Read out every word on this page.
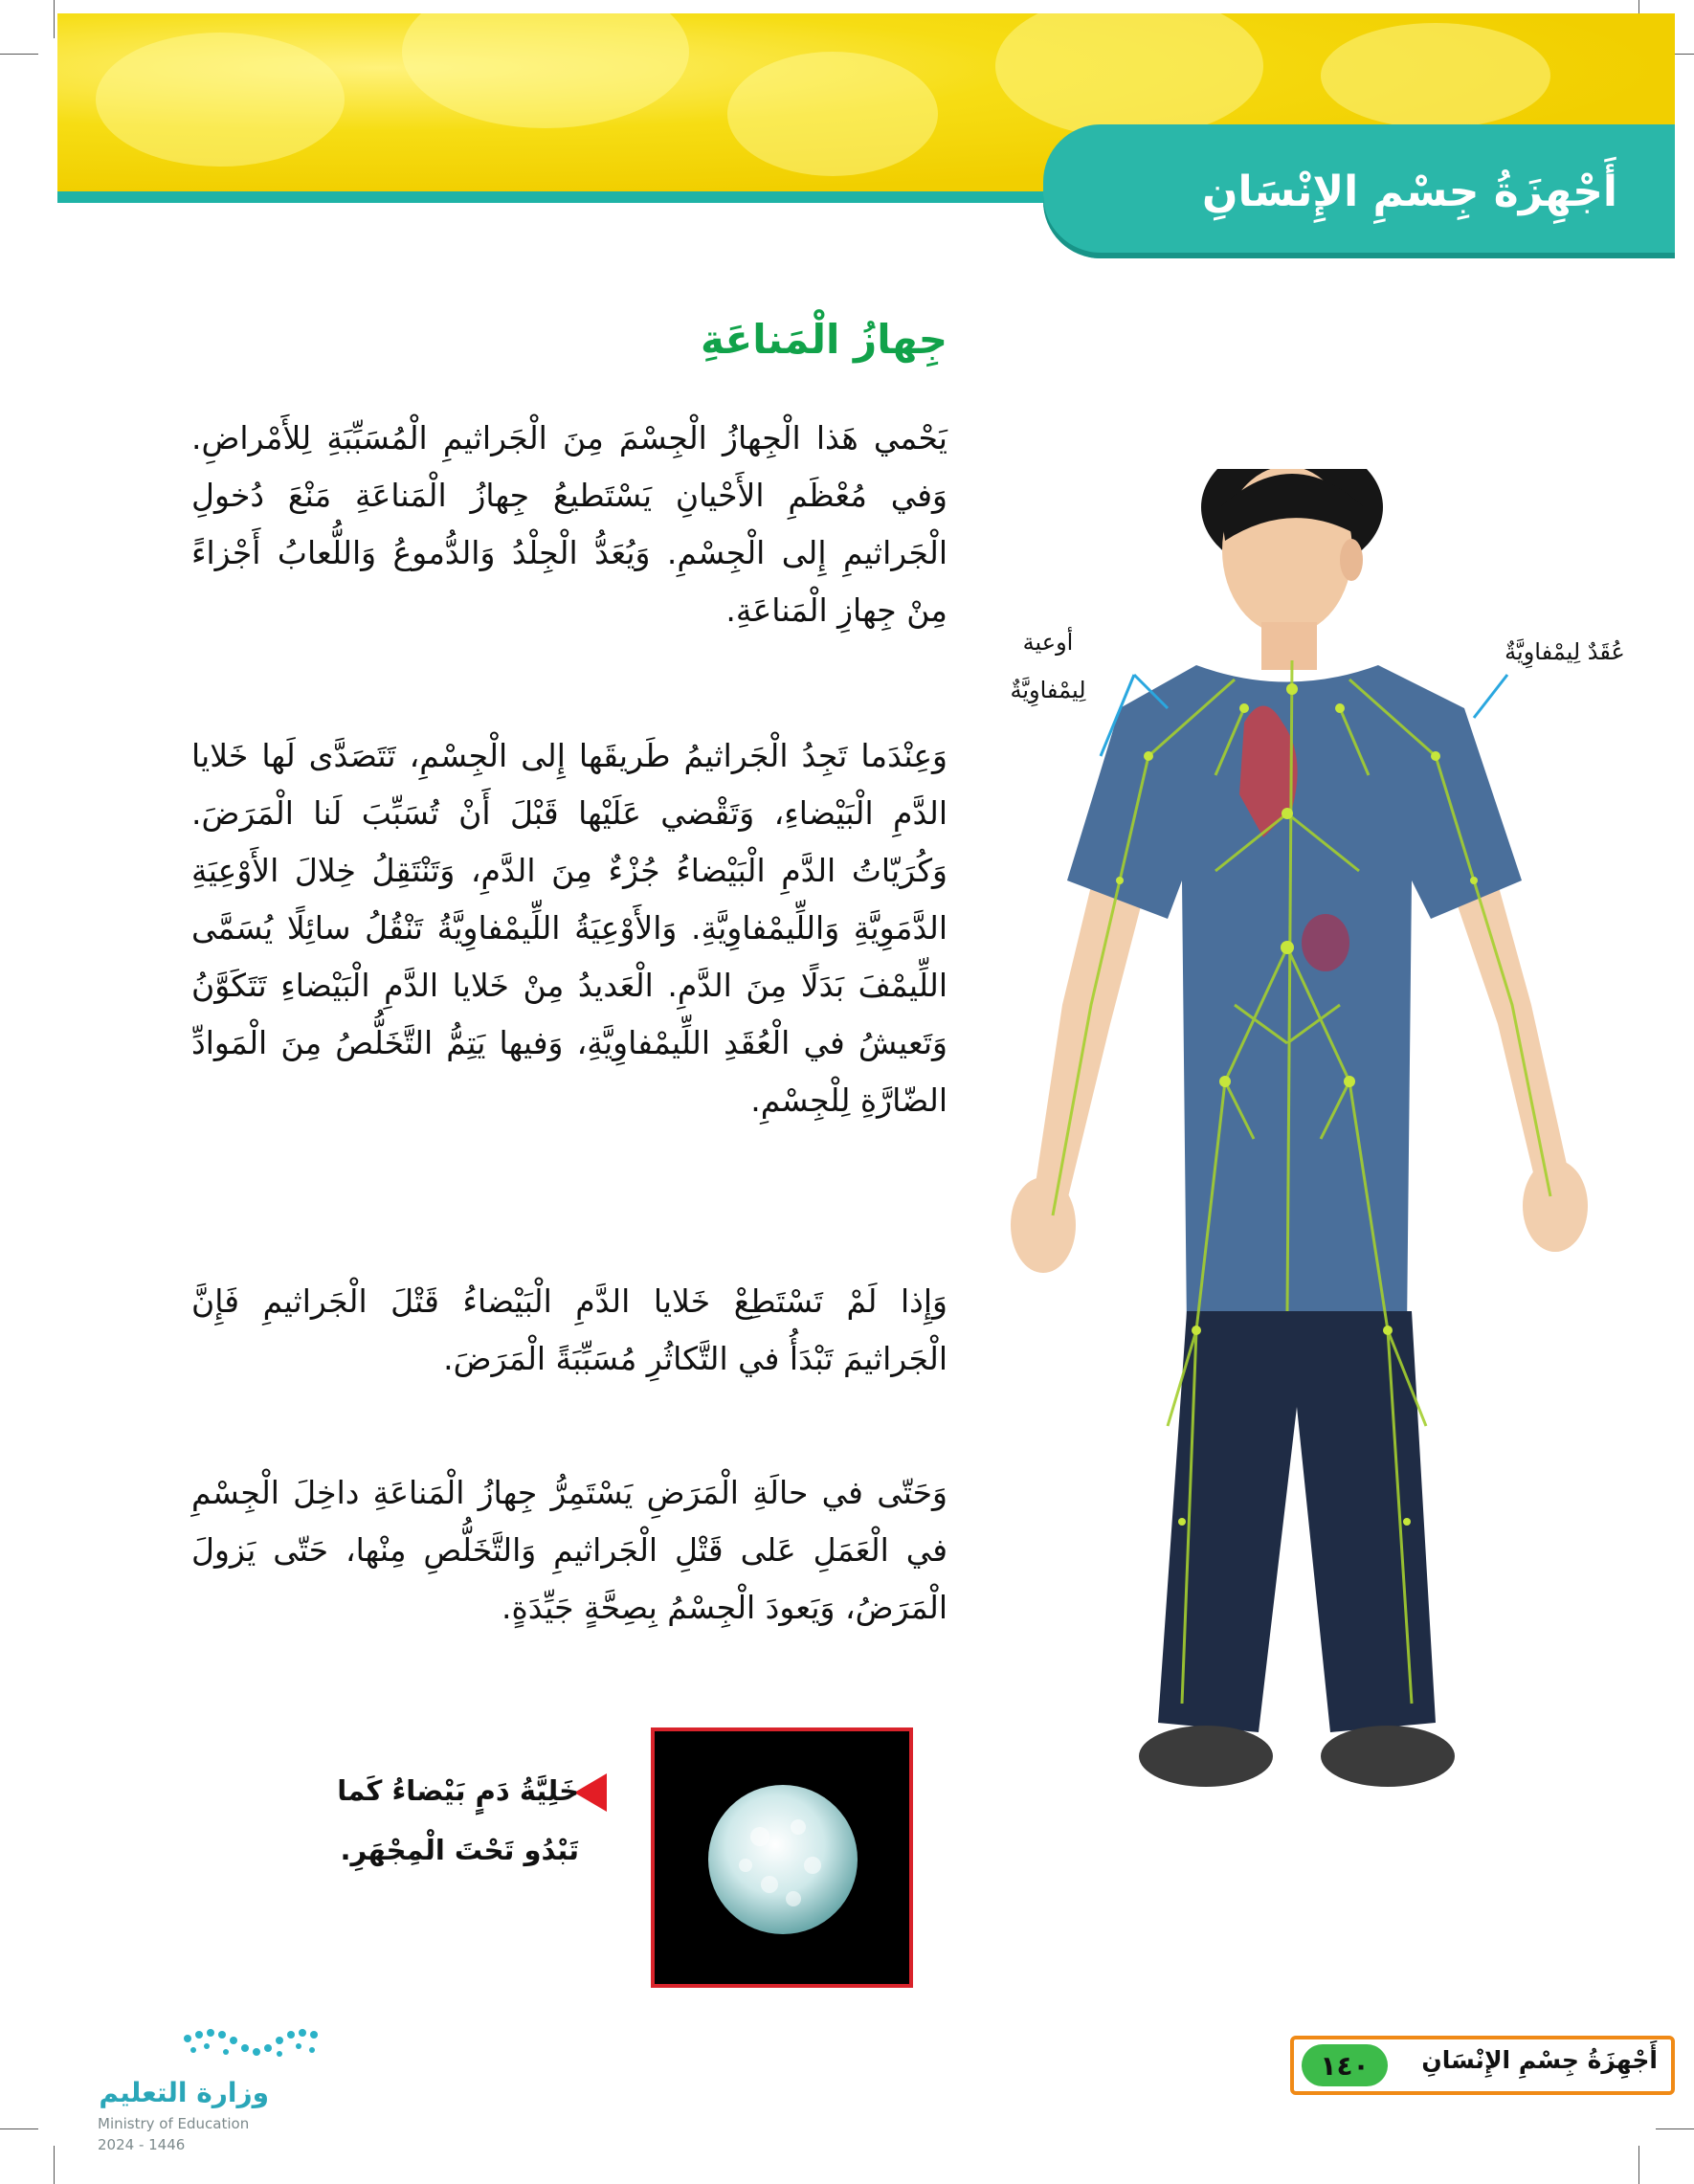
أَجْهِزَةُ جِسْمِ الإِنْسَانِ
جِهازُ الْمَناعَةِ

يَحْمي هَذا الْجِهازُ الْجِسْمَ مِنَ الْجَراثيمِ الْمُسَبِّبَةِ لِلأَمْراضِ. وَفي مُعْظَمِ الأَحْيانِ يَسْتَطيعُ جِهازُ الْمَناعَةِ مَنْعَ دُخولِ الْجَراثيمِ إِلى الْجِسْمِ. وَيُعَدُّ الْجِلْدُ وَالدُّموعُ وَاللُّعابُ أَجْزاءً مِنْ جِهازِ الْمَناعَةِ.

وَعِنْدَما تَجِدُ الْجَراثيمُ طَريقَها إِلى الْجِسْمِ، تَتَصَدَّى لَها خَلايا الدَّمِ الْبَيْضاءِ، وَتَقْضي عَلَيْها قَبْلَ أَنْ تُسَبِّبَ لَنا الْمَرَضَ. وَكُرَيّاتُ الدَّمِ الْبَيْضاءُ جُزْءٌ مِنَ الدَّمِ، وَتَنْتَقِلُ خِلالَ الأَوْعِيَةِ الدَّمَوِيَّةِ وَاللِّيمْفاوِيَّةِ. وَالأَوْعِيَةُ اللِّيمْفاوِيَّةُ تَنْقُلُ سائِلًا يُسَمَّى اللِّيمْفَ بَدَلًا مِنَ الدَّمِ. الْعَديدُ مِنْ خَلايا الدَّمِ الْبَيْضاءِ تَتَكَوَّنُ وَتَعيشُ في الْعُقَدِ اللِّيمْفاوِيَّةِ، وَفيها يَتِمُّ التَّخَلُّصُ مِنَ الْمَوادِّ الضّارَّةِ لِلْجِسْمِ.

وَإِذا لَمْ تَسْتَطِعْ خَلايا الدَّمِ الْبَيْضاءُ قَتْلَ الْجَراثيمِ فَإِنَّ الْجَراثيمَ تَبْدَأُ في التَّكاثُرِ مُسَبِّبَةً الْمَرَضَ.

وَحَتّى في حالَةِ الْمَرَضِ يَسْتَمِرُّ جِهازُ الْمَناعَةِ داخِلَ الْجِسْمِ في الْعَمَلِ عَلى قَتْلِ الْجَراثيمِ وَالتَّخَلُّصِ مِنْها، حَتّى يَزولَ الْمَرَضُ، وَيَعودَ الْجِسْمُ بِصِحَّةٍ جَيِّدَةٍ.

عُقَدٌ لِيمْفاوِيَّةٌ
أوعية
لِيمْفاوِيَّةٌ
خَلِيَّةُ دَمٍ بَيْضاءُ كَما
تَبْدُو تَحْتَ الْمِجْهَرِ.
وزارة التعليم
Ministry of Education
2024 - 1446
أَجْهِزَةُ جِسْمِ الإِنْسَانِ
١٤٠
